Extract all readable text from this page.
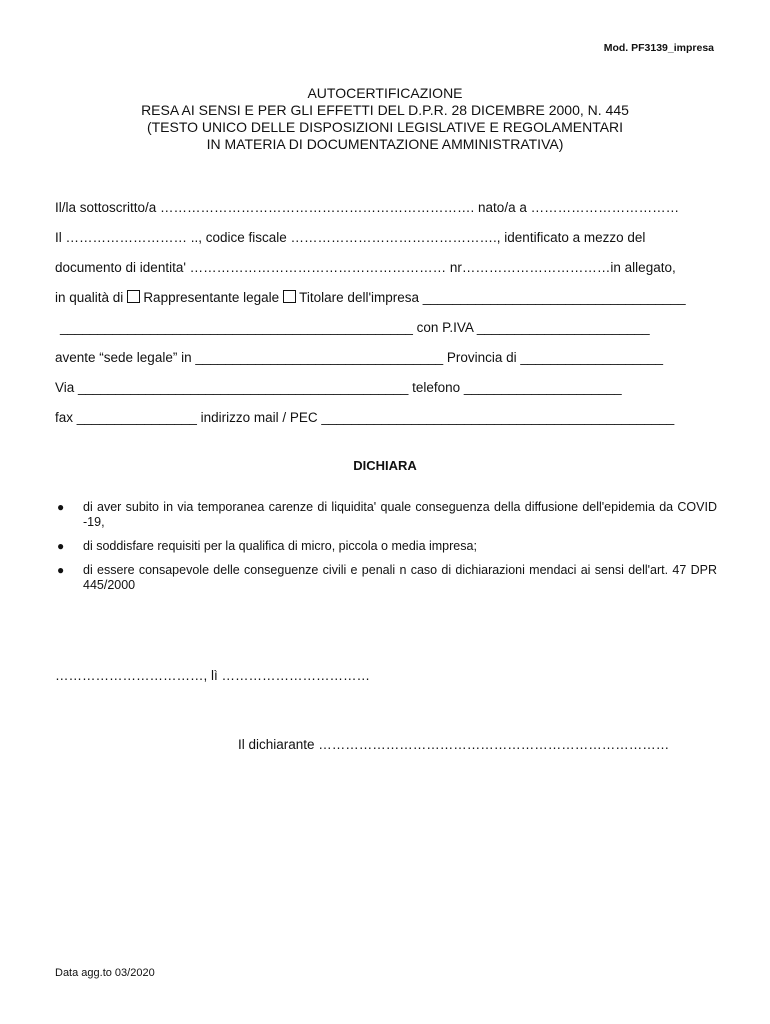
Mod. PF3139_impresa
AUTOCERTIFICAZIONE
RESA AI SENSI E PER GLI EFFETTI DEL D.P.R. 28 DICEMBRE 2000, N. 445
(TESTO UNICO DELLE DISPOSIZIONI LEGISLATIVE E REGOLAMENTARI
IN MATERIA DI DOCUMENTAZIONE AMMINISTRATIVA)
Il/la sottoscritto/a ……………………………………………………………. nato/a a ……………………………
Il ……………………… .., codice fiscale ………………………………………., identificato a mezzo del
documento di identita' ………………………………………………… nr……………………………in allegato,
in qualità di Rappresentante legale Titolare dell'impresa ___________________________________
_______________________________________________ con P.IVA _______________________
avente “sede legale” in _________________________________ Provincia di ___________________
Via ____________________________________________ telefono _____________________
fax ________________ indirizzo mail / PEC _______________________________________________
DICHIARA
● di aver subito in via temporanea carenze di liquidita' quale conseguenza della diffusione dell'epidemia da COVID -19,
● di soddisfare requisiti per la qualifica di micro, piccola o media impresa;
● di essere consapevole delle conseguenze civili e penali n caso di dichiarazioni mendaci ai sensi dell'art. 47 DPR 445/2000
……………………………, lì ……………………………
Il dichiarante ……………………………………………………………………
Data agg.to 03/2020
